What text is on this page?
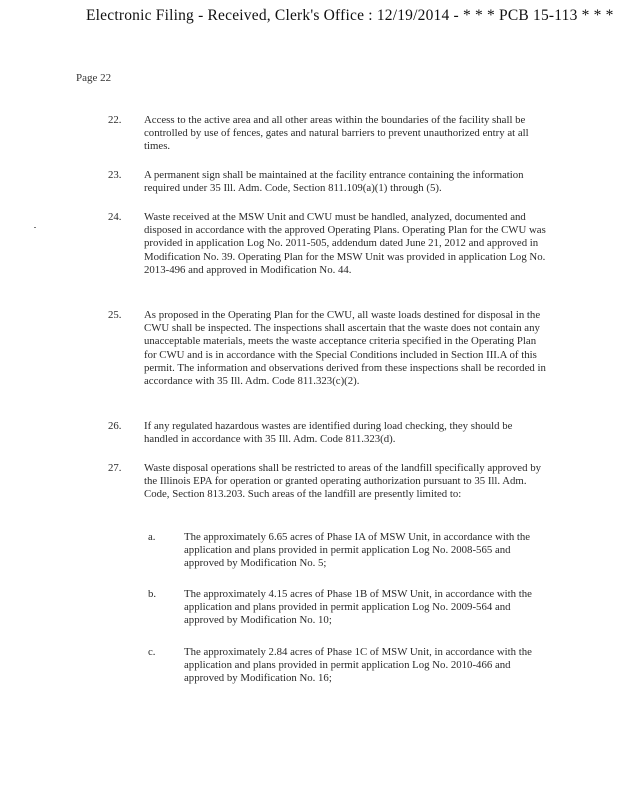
Electronic Filing - Received, Clerk's Office : 12/19/2014 - * * * PCB 15-113 * * *
Page 22
22.	Access to the active area and all other areas within the boundaries of the facility shall be controlled by use of fences, gates and natural barriers to prevent unauthorized entry at all times.
23.	A permanent sign shall be maintained at the facility entrance containing the information required under 35 Ill. Adm. Code, Section 811.109(a)(1) through (5).
24.	Waste received at the MSW Unit and CWU must be handled, analyzed, documented and disposed in accordance with the approved Operating Plans. Operating Plan for the CWU was provided in application Log No. 2011-505, addendum dated June 21, 2012 and approved in Modification No. 39. Operating Plan for the MSW Unit was provided in application Log No. 2013-496 and approved in Modification No. 44.
25.	As proposed in the Operating Plan for the CWU, all waste loads destined for disposal in the CWU shall be inspected. The inspections shall ascertain that the waste does not contain any unacceptable materials, meets the waste acceptance criteria specified in the Operating Plan for CWU and is in accordance with the Special Conditions included in Section III.A of this permit. The information and observations derived from these inspections shall be recorded in accordance with 35 Ill. Adm. Code 811.323(c)(2).
26.	If any regulated hazardous wastes are identified during load checking, they should be handled in accordance with 35 Ill. Adm. Code 811.323(d).
27.	Waste disposal operations shall be restricted to areas of the landfill specifically approved by the Illinois EPA for operation or granted operating authorization pursuant to 35 Ill. Adm. Code, Section 813.203. Such areas of the landfill are presently limited to:
a.	The approximately 6.65 acres of Phase IA of MSW Unit, in accordance with the application and plans provided in permit application Log No. 2008-565 and approved by Modification No. 5;
b.	The approximately 4.15 acres of Phase 1B of MSW Unit, in accordance with the application and plans provided in permit application Log No. 2009-564 and approved by Modification No. 10;
c.	The approximately 2.84 acres of Phase 1C of MSW Unit, in accordance with the application and plans provided in permit application Log No. 2010-466 and approved by Modification No. 16;
